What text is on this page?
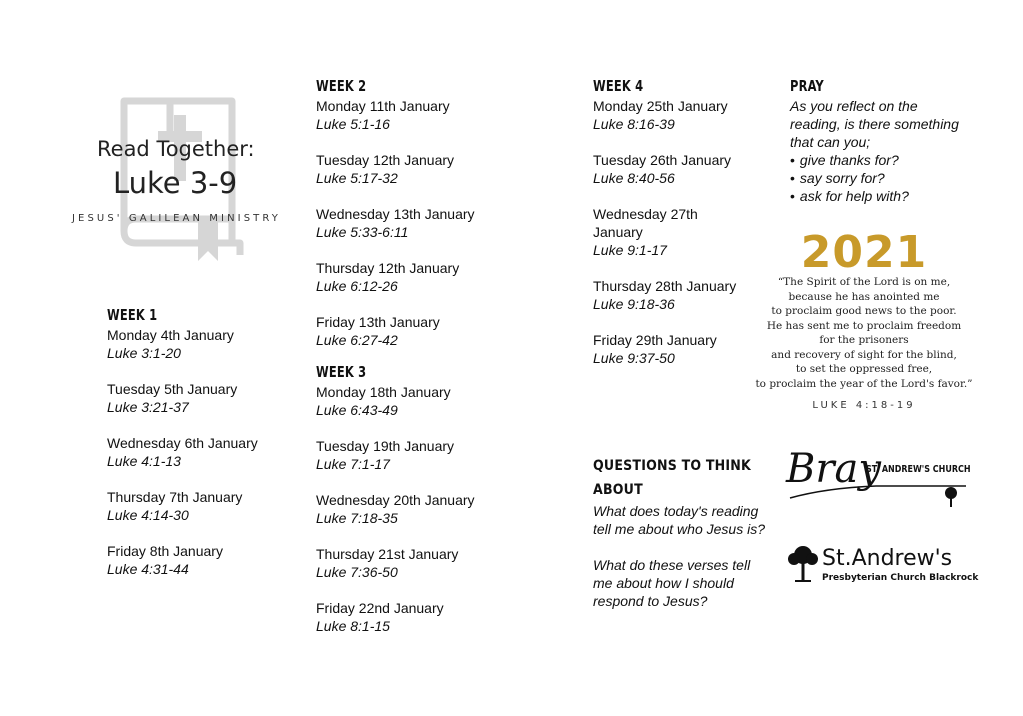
Read Together:
Luke 3-9
JESUS' GALILEAN MINISTRY
WEEK 1
Monday 4th January
Luke 3:1-20
Tuesday 5th January
Luke 3:21-37
Wednesday 6th January
Luke 4:1-13
Thursday 7th January
Luke 4:14-30
Friday 8th January
Luke 4:31-44
WEEK 2
Monday 11th January
Luke 5:1-16
Tuesday 12th January
Luke 5:17-32
Wednesday 13th January
Luke 5:33-6:11
Thursday 12th January
Luke 6:12-26
Friday 13th January
Luke 6:27-42
WEEK 3
Monday 18th January
Luke 6:43-49
Tuesday 19th January
Luke 7:1-17
Wednesday 20th January
Luke 7:18-35
Thursday 21st January
Luke 7:36-50
Friday 22nd January
Luke 8:1-15
WEEK 4
Monday 25th January
Luke 8:16-39
Tuesday 26th January
Luke 8:40-56
Wednesday 27th January
Luke 9:1-17
Thursday 28th January
Luke 9:18-36
Friday 29th January
Luke 9:37-50
QUESTIONS TO THINK ABOUT
What does today's reading tell me about who Jesus is?
What do these verses tell me about how I should respond to Jesus?
PRAY
As you reflect on the reading, is there something that can you;
• give thanks for?
• say sorry for?
• ask for help with?
2021
“The Spirit of the Lord is on me,
because he has anointed me
to proclaim good news to the poor.
He has sent me to proclaim freedom
for the prisoners
and recovery of sight for the blind,
to set the oppressed free,
to proclaim the year of the Lord's favor.”
LUKE 4:18-19
Bray
ST. ANDREW'S CHURCH
St.Andrew's
Presbyterian Church Blackrock
